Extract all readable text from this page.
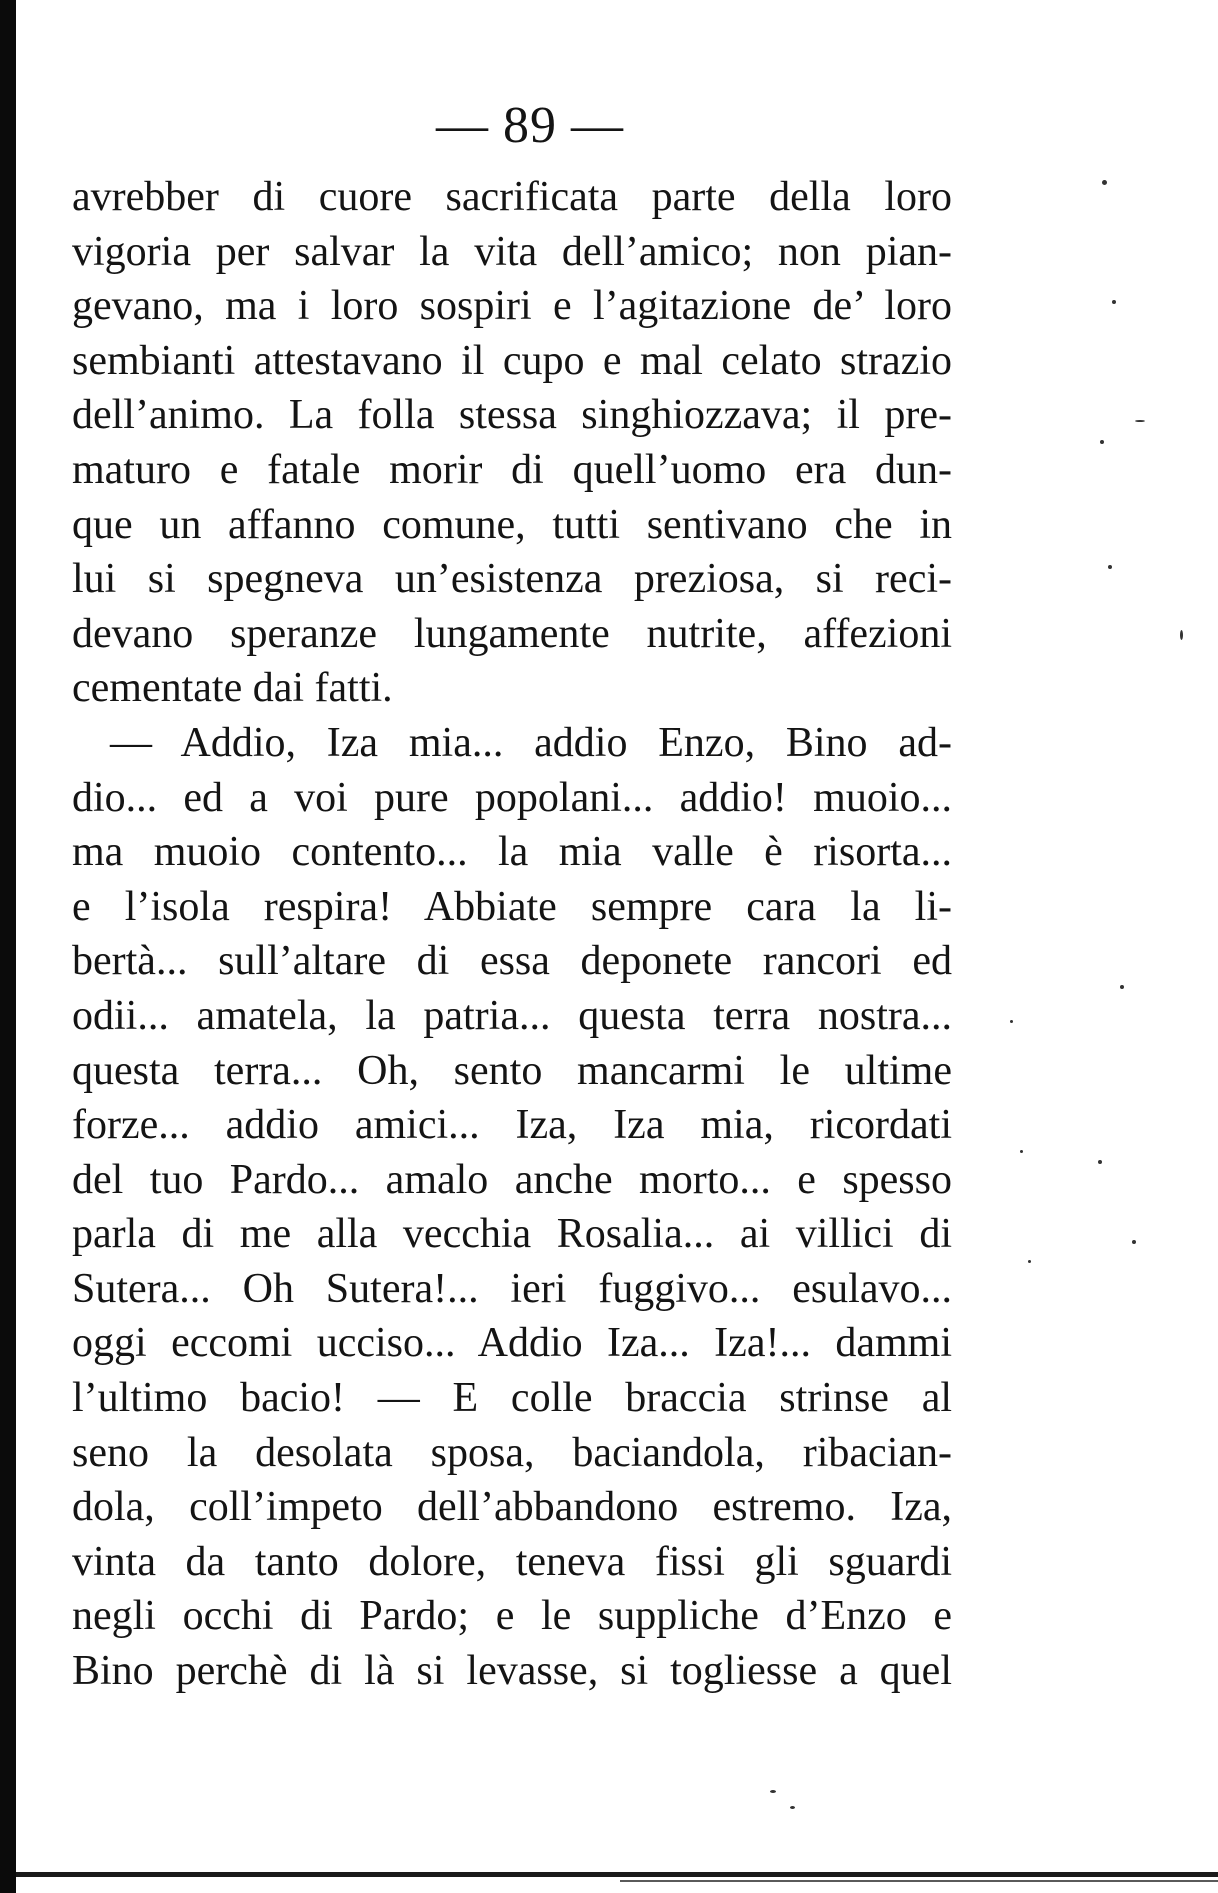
— 89 —
avrebber di cuore sacrificata parte della loro
vigoria per salvar la vita dell’amico; non pian-
gevano, ma i loro sospiri e l’agitazione de’ loro
sembianti attestavano il cupo e mal celato strazio
dell’animo. La folla stessa singhiozzava; il pre-
maturo e fatale morir di quell’uomo era dun-
que un affanno comune, tutti sentivano che in
lui si spegneva un’esistenza preziosa, si reci-
devano speranze lungamente nutrite, affezioni
cementate dai fatti.
— Addio, Iza mia... addio Enzo, Bino ad-
dio... ed a voi pure popolani... addio! muoio...
ma muoio contento... la mia valle è risorta...
e l’isola respira! Abbiate sempre cara la li-
bertà... sull’altare di essa deponete rancori ed
odii... amatela, la patria... questa terra nostra...
questa terra... Oh, sento mancarmi le ultime
forze... addio amici... Iza, Iza mia, ricordati
del tuo Pardo... amalo anche morto... e spesso
parla di me alla vecchia Rosalia... ai villici di
Sutera... Oh Sutera!... ieri fuggivo... esulavo...
oggi eccomi ucciso... Addio Iza... Iza!... dammi
l’ultimo bacio! — E colle braccia strinse al
seno la desolata sposa, baciandola, ribacian-
dola, coll’impeto dell’abbandono estremo. Iza,
vinta da tanto dolore, teneva fissi gli sguardi
negli occhi di Pardo; e le suppliche d’Enzo e
Bino perchè di là si levasse, si togliesse a quel
